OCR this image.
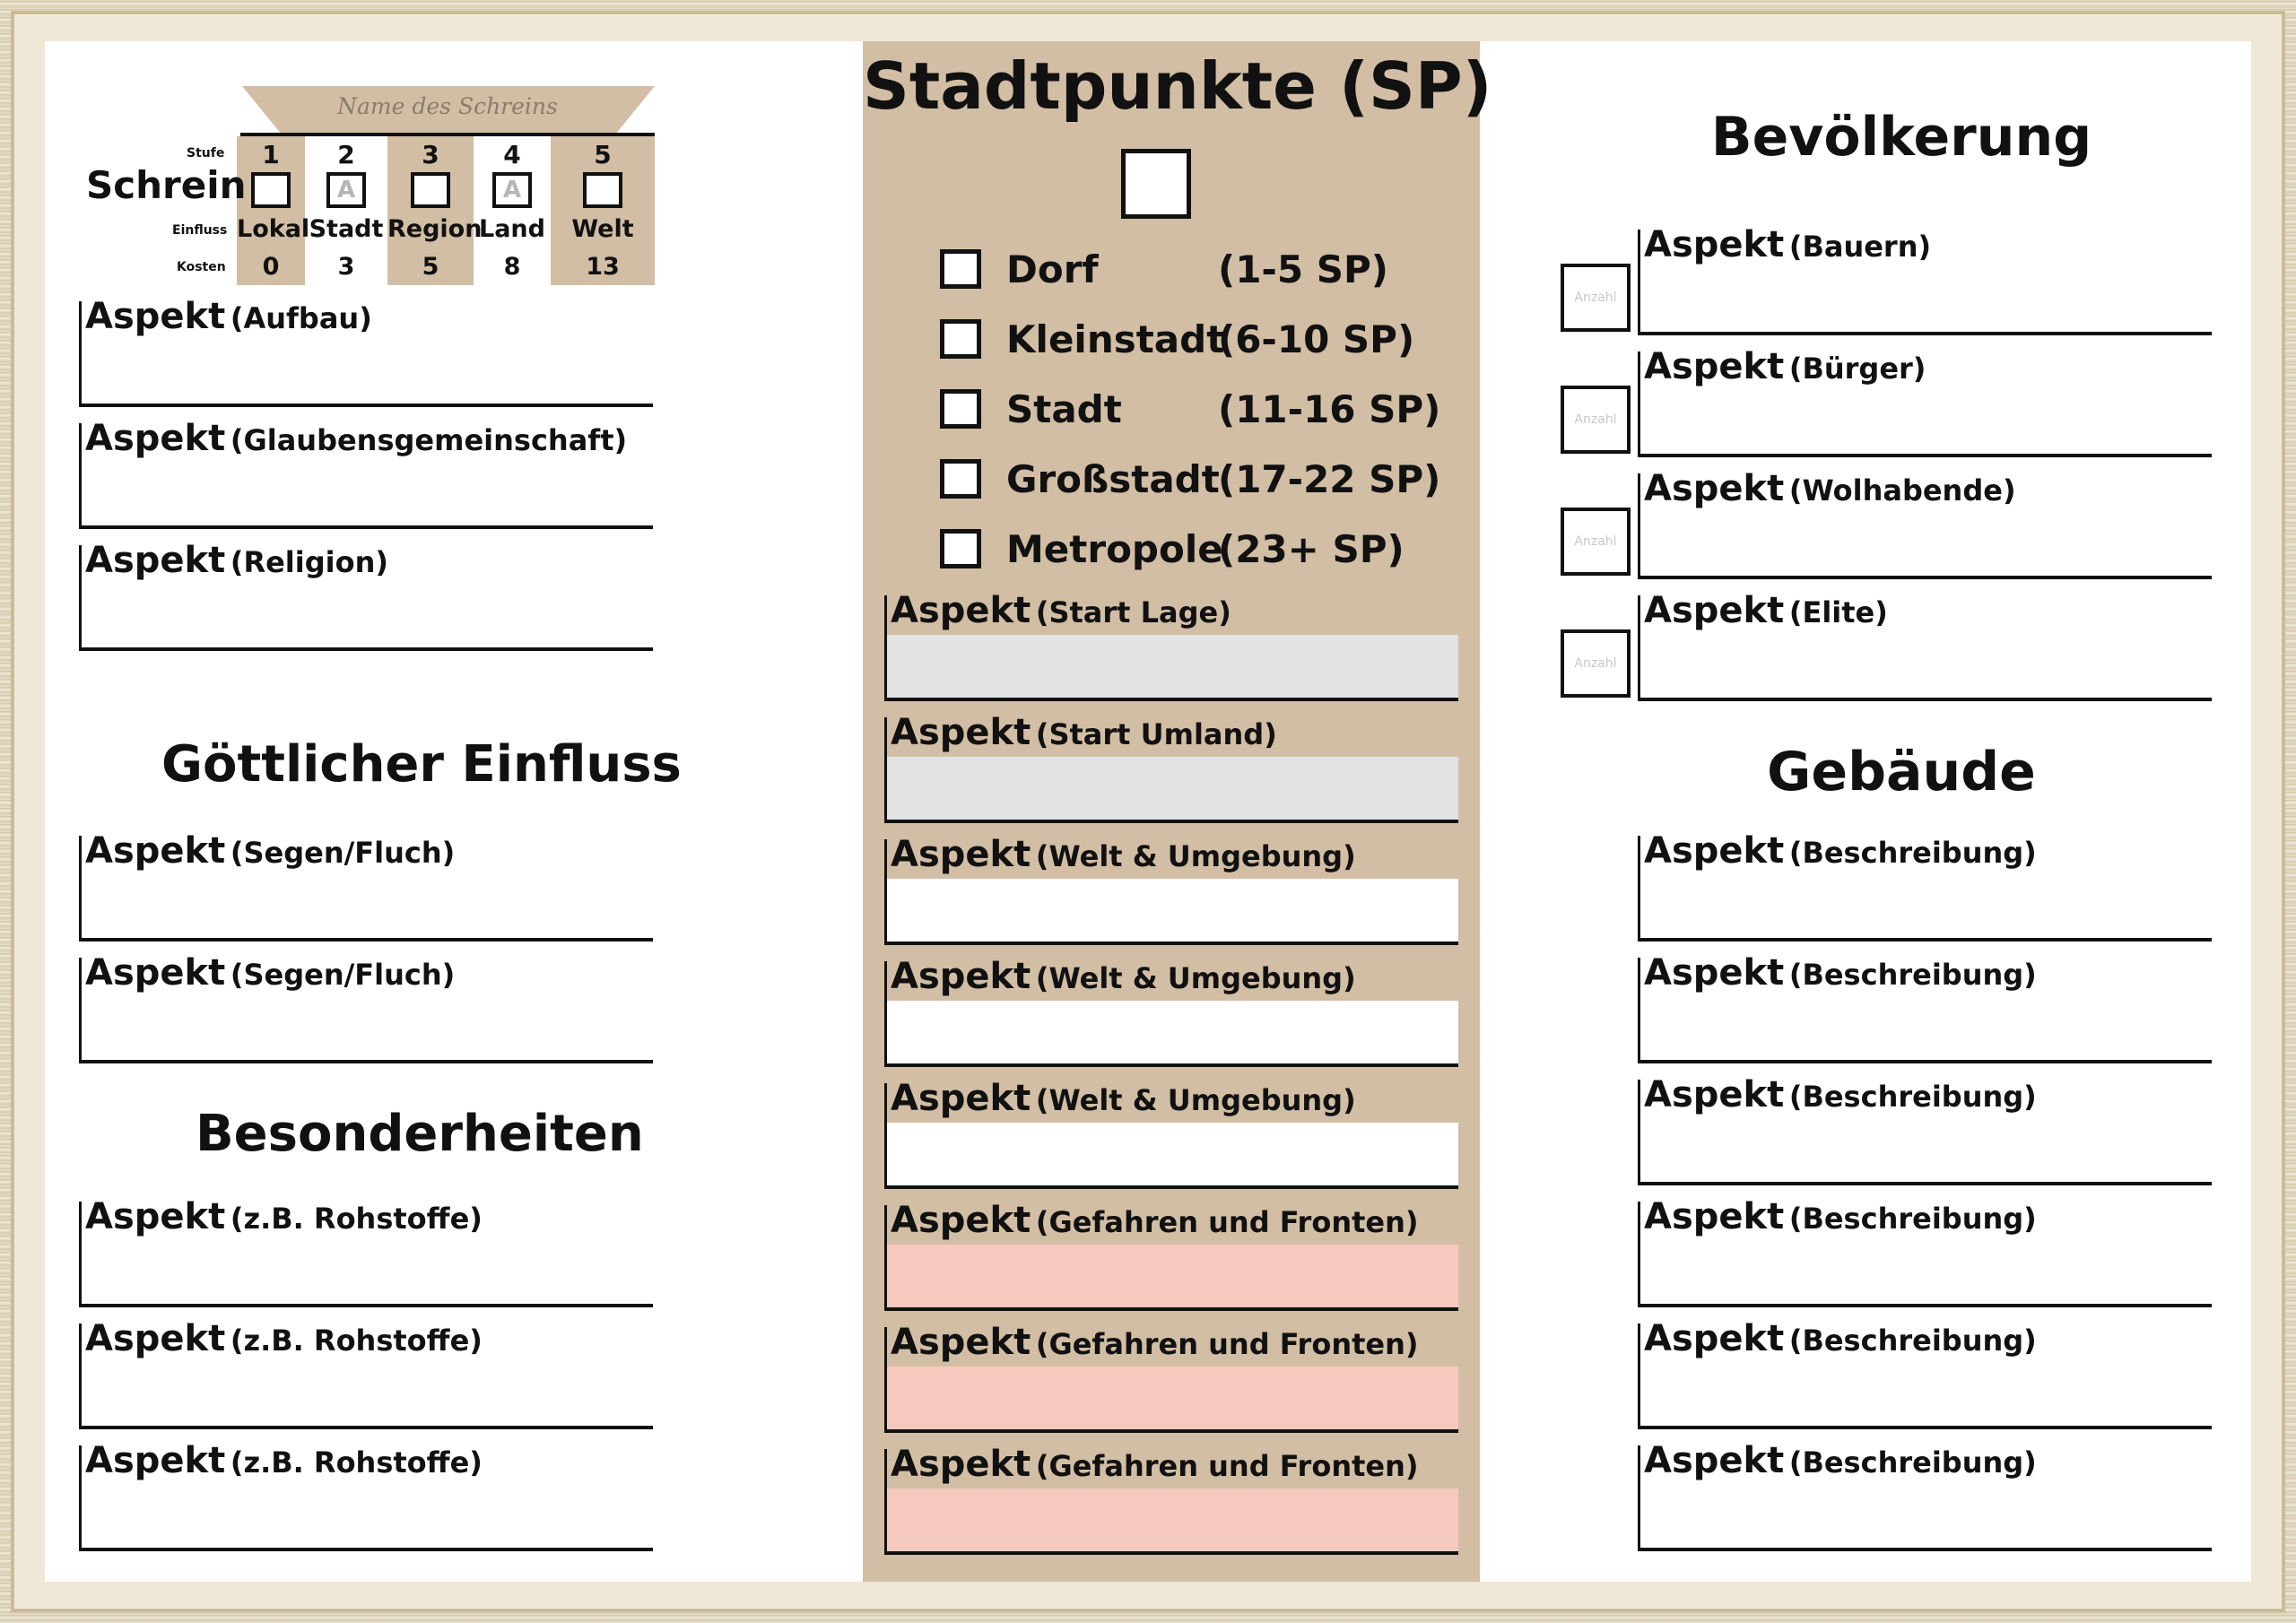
Name des Schreins
Stufe
Schrein
Einfluss
Kosten
1
Lokal
0
2
A
Stadt
3
3
Region
5
4
A
Land
8
5
Welt
13
Aspekt (Aufbau)
Aspekt (Glaubensgemeinschaft)
Aspekt (Religion)
Aspekt (Segen/Fluch)
Aspekt (Segen/Fluch)
Aspekt (z.B. Rohstoffe)
Aspekt (z.B. Rohstoffe)
Aspekt (z.B. Rohstoffe)
Göttlicher Einfluss
Besonderheiten
Stadtpunkte (SP)
Dorf	(1-5 SP)
Kleinstadt
(6-10 SP)
Stadt	(11-16 SP)
Großstadt
(17-22 SP)
Metropole
(23+ SP)
Aspekt (Start Lage)
Aspekt (Start Umland)
Aspekt (Welt & Umgebung)
Aspekt (Welt & Umgebung)
Aspekt (Welt & Umgebung)
Aspekt (Gefahren und Fronten)
Aspekt (Gefahren und Fronten)
Aspekt (Gefahren und Fronten)
Bevölkerung
Gebäude
Aspekt (Bauern)
Anzahl
Aspekt (Bürger)
Anzahl
Aspekt (Wolhabende)
Anzahl
Aspekt (Elite)
Anzahl
Aspekt (Beschreibung)
Aspekt (Beschreibung)
Aspekt (Beschreibung)
Aspekt (Beschreibung)
Aspekt (Beschreibung)
Aspekt (Beschreibung)
